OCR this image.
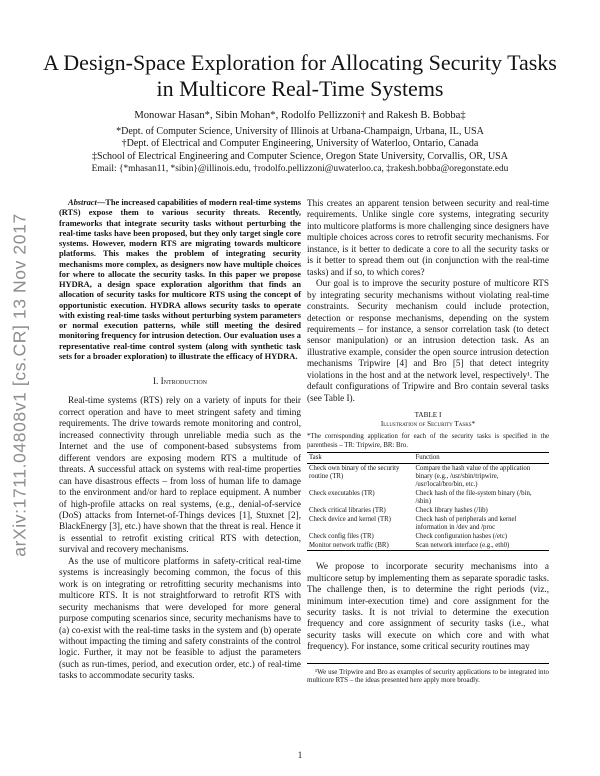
arXiv:1711.04808v1 [cs.CR] 13 Nov 2017
A Design-Space Exploration for Allocating Security Tasks in Multicore Real-Time Systems
Monowar Hasan*, Sibin Mohan*, Rodolfo Pellizzoni† and Rakesh B. Bobba‡
*Dept. of Computer Science, University of Illinois at Urbana-Champaign, Urbana, IL, USA
†Dept. of Electrical and Computer Engineering, University of Waterloo, Ontario, Canada
‡School of Electrical Engineering and Computer Science, Oregon State University, Corvallis, OR, USA
Email: {*mhasan11, *sibin}@illinois.edu, †rodolfo.pellizzoni@uwaterloo.ca, ‡rakesh.bobba@oregonstate.edu

Abstract—The increased capabilities of modern real-time systems (RTS) expose them to various security threats. Recently, frameworks that integrate security tasks without perturbing the real-time tasks have been proposed, but they only target single core systems. However, modern RTS are migrating towards multicore platforms. This makes the problem of integrating security mechanisms more complex, as designers now have multiple choices for where to allocate the security tasks. In this paper we propose HYDRA, a design space exploration algorithm that finds an allocation of security tasks for multicore RTS using the concept of opportunistic execution. HYDRA allows security tasks to operate with existing real-time tasks without perturbing system parameters or normal execution patterns, while still meeting the desired monitoring frequency for intrusion detection. Our evaluation uses a representative real-time control system (along with synthetic task sets for a broader exploration) to illustrate the efficacy of HYDRA.

I. Introduction

Real-time systems (RTS) rely on a variety of inputs for their correct operation and have to meet stringent safety and timing requirements. The drive towards remote monitoring and control, increased connectivity through unreliable media such as the Internet and the use of component-based subsystems from different vendors are exposing modern RTS a multitude of threats. A successful attack on systems with real-time properties can have disastrous effects – from loss of human life to damage to the environment and/or hard to replace equipment. A number of high-profile attacks on real systems, (e.g., denial-of-service (DoS) attacks from Internet-of-Things devices [1], Stuxnet [2], BlackEnergy [3], etc.) have shown that the threat is real. Hence it is essential to retrofit existing critical RTS with detection, survival and recovery mechanisms.

As the use of multicore platforms in safety-critical real-time systems is increasingly becoming common, the focus of this work is on integrating or retrofitting security mechanisms into multicore RTS. It is not straightforward to retrofit RTS with security mechanisms that were developed for more general purpose computing scenarios since, security mechanisms have to (a) co-exist with the real-time tasks in the system and (b) operate without impacting the timing and safety constraints of the control logic. Further, it may not be feasible to adjust the parameters (such as run-times, period, and execution order, etc.) of real-time tasks to accommodate security tasks.

This creates an apparent tension between security and real-time requirements. Unlike single core systems, integrating security into multicore platforms is more challenging since designers have multiple choices across cores to retrofit security mechanisms. For instance, is it better to dedicate a core to all the security tasks or is it better to spread them out (in conjunction with the real-time tasks) and if so, to which cores?

Our goal is to improve the security posture of multicore RTS by integrating security mechanisms without violating real-time constraints. Security mechanism could include protection, detection or response mechanisms, depending on the system requirements – for instance, a sensor correlation task (to detect sensor manipulation) or an intrusion detection task. As an illustrative example, consider the open source intrusion detection mechanisms Tripwire [4] and Bro [5] that detect integrity violations in the host and at the network level, respectively¹. The default configurations of Tripwire and Bro contain several tasks (see Table I).

TABLE I
Illustration of Security Tasks*
*The corresponding application for each of the security tasks is specified in the parenthesis – TR: Tripwire, BR: Bro.
Task	Function
Check own binary of the security routine (TR)	Compare the hash value of the application binary (e.g., /usr/sbin/tripwire, /usr/local/bro/bin, etc.)
Check executables (TR)	Check hash of the file-system binary (/bin, /sbin)
Check critical libraries (TR)	Check library hashes (/lib)
Check device and kernel (TR)	Check hash of peripherals and kernel information in /dev and /proc
Check config files (TR)	Check configuration hashes (/etc)
Monitor network traffic (BR)	Scan network interface (e.g., eth0)

We propose to incorporate security mechanisms into a multicore setup by implementing them as separate sporadic tasks. The challenge then, is to determine the right periods (viz., minimum inter-execution time) and core assignment for the security tasks. It is not trivial to determine the execution frequency and core assignment of security tasks (i.e., what security tasks will execute on which core and with what frequency). For instance, some critical security routines may

¹We use Tripwire and Bro as examples of security applications to be integrated into multicore RTS – the ideas presented here apply more broadly.
1
